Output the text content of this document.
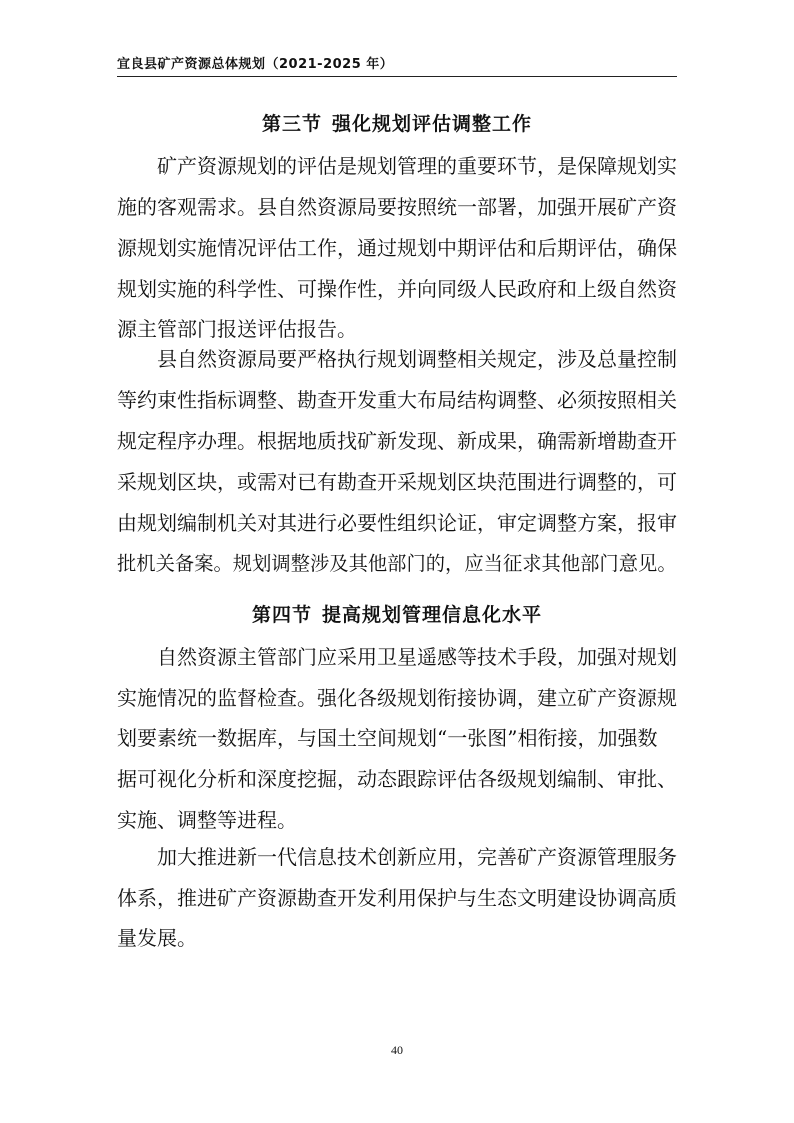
宜良县矿产资源总体规划（2021-2025 年）
第三节 强化规划评估调整工作
矿产资源规划的评估是规划管理的重要环节，是保障规划实
施的客观需求。县自然资源局要按照统一部署，加强开展矿产资
源规划实施情况评估工作，通过规划中期评估和后期评估，确保
规划实施的科学性、可操作性，并向同级人民政府和上级自然资
源主管部门报送评估报告。
县自然资源局要严格执行规划调整相关规定，涉及总量控制
等约束性指标调整、勘查开发重大布局结构调整、必须按照相关
规定程序办理。根据地质找矿新发现、新成果，确需新增勘查开
采规划区块，或需对已有勘查开采规划区块范围进行调整的，可
由规划编制机关对其进行必要性组织论证，审定调整方案，报审
批机关备案。规划调整涉及其他部门的，应当征求其他部门意见。
第四节 提高规划管理信息化水平
自然资源主管部门应采用卫星遥感等技术手段，加强对规划
实施情况的监督检查。强化各级规划衔接协调，建立矿产资源规
划要素统一数据库，与国土空间规划“一张图”相衔接，加强数
据可视化分析和深度挖掘，动态跟踪评估各级规划编制、审批、
实施、调整等进程。
加大推进新一代信息技术创新应用，完善矿产资源管理服务
体系，推进矿产资源勘查开发利用保护与生态文明建设协调高质
量发展。
40
